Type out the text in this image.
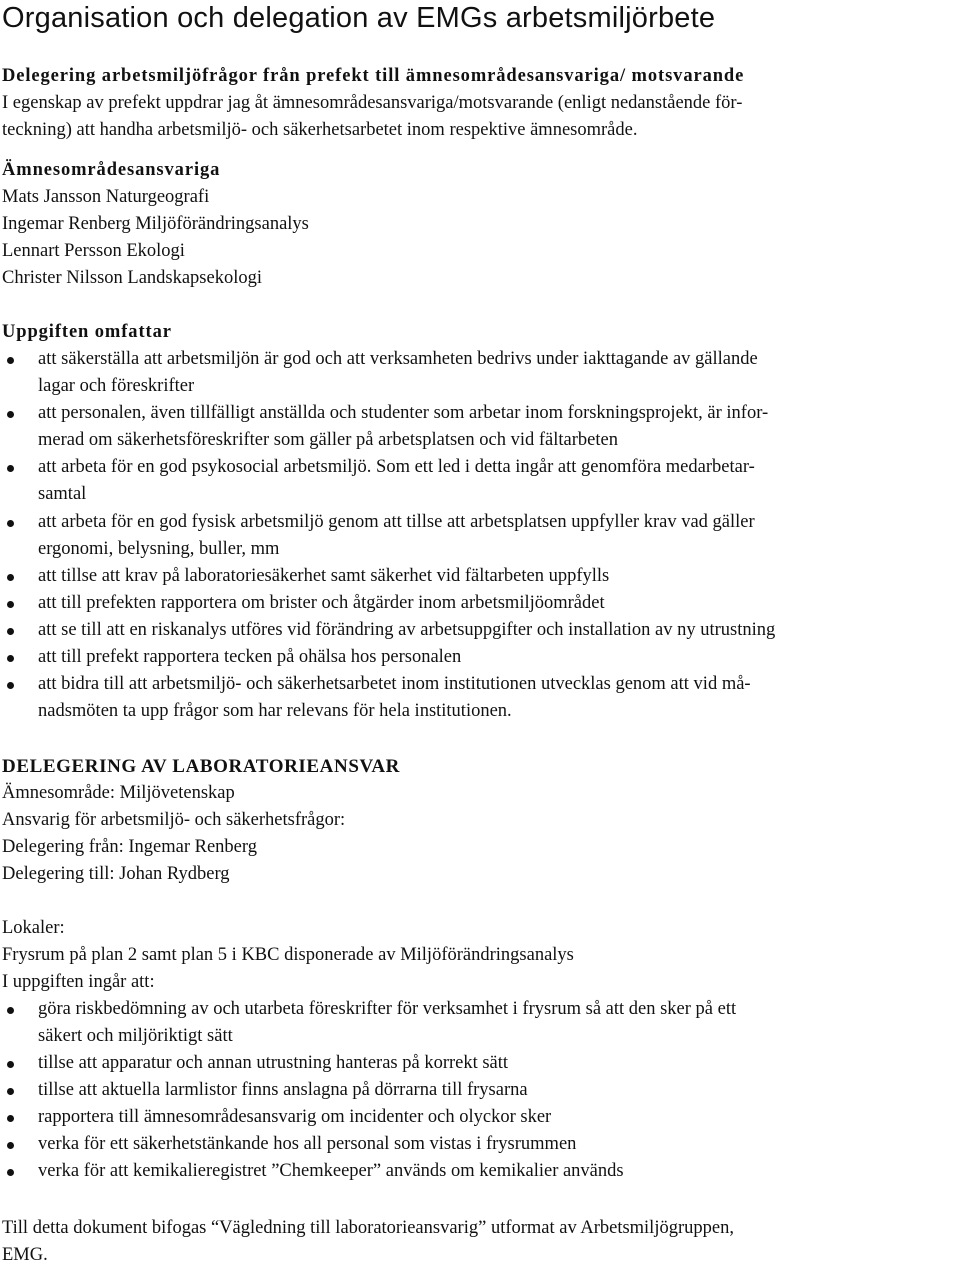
Organisation och delegation av EMGs arbetsmiljörbete
Delegering arbetsmiljöfrågor från prefekt till ämnesområdesansvariga/ motsvarande
I egenskap av prefekt uppdrar jag åt ämnesområdesansvariga/motsvarande (enligt nedanstående för-
teckning) att handha arbetsmiljö- och säkerhetsarbetet inom respektive ämnesområde.
Ämnesområdesansvariga
Mats Jansson Naturgeografi
Ingemar Renberg Miljöförändringsanalys
Lennart Persson Ekologi
Christer Nilsson Landskapsekologi
Uppgiften omfattar
att säkerställa att arbetsmiljön är god och att verksamheten bedrivs under iakttagande av gällande
lagar och föreskrifter
att personalen, även tillfälligt anställda och studenter som arbetar inom forskningsprojekt, är infor-
merad om säkerhetsföreskrifter som gäller på arbetsplatsen och vid fältarbeten
att arbeta för en god psykosocial arbetsmiljö. Som ett led i detta ingår att genomföra medarbetar-
samtal
att arbeta för en god fysisk arbetsmiljö genom att tillse att arbetsplatsen uppfyller krav vad gäller
ergonomi, belysning, buller, mm
att tillse att krav på laboratoriesäkerhet samt säkerhet vid fältarbeten uppfylls
att till prefekten rapportera om brister och åtgärder inom arbetsmiljöområdet
att se till att en riskanalys utföres vid förändring av arbetsuppgifter och installation av ny utrustning
att till prefekt rapportera tecken på ohälsa hos personalen
att bidra till att arbetsmiljö- och säkerhetsarbetet inom institutionen utvecklas genom att vid må-
nadsmöten ta upp frågor som har relevans för hela institutionen.
DELEGERING AV LABORATORIEANSVAR
Ämnesområde: Miljövetenskap
Ansvarig för arbetsmiljö- och säkerhetsfrågor:
Delegering från: Ingemar Renberg
Delegering till: Johan Rydberg
Lokaler:
Frysrum på plan 2 samt plan 5 i KBC disponerade av Miljöförändringsanalys
I uppgiften ingår att:
göra riskbedömning av och utarbeta föreskrifter för verksamhet i frysrum så att den sker på ett
säkert och miljöriktigt sätt
tillse att apparatur och annan utrustning hanteras på korrekt sätt
tillse att aktuella larmlistor finns anslagna på dörrarna till frysarna
rapportera till ämnesområdesansvarig om incidenter och olyckor sker
verka för ett säkerhetstänkande hos all personal som vistas i frysrummen
verka för att kemikalieregistret ”Chemkeeper” används om kemikalier används
Till detta dokument bifogas “Vägledning till laboratorieansvarig” utformat av Arbetsmiljögruppen,
EMG.
